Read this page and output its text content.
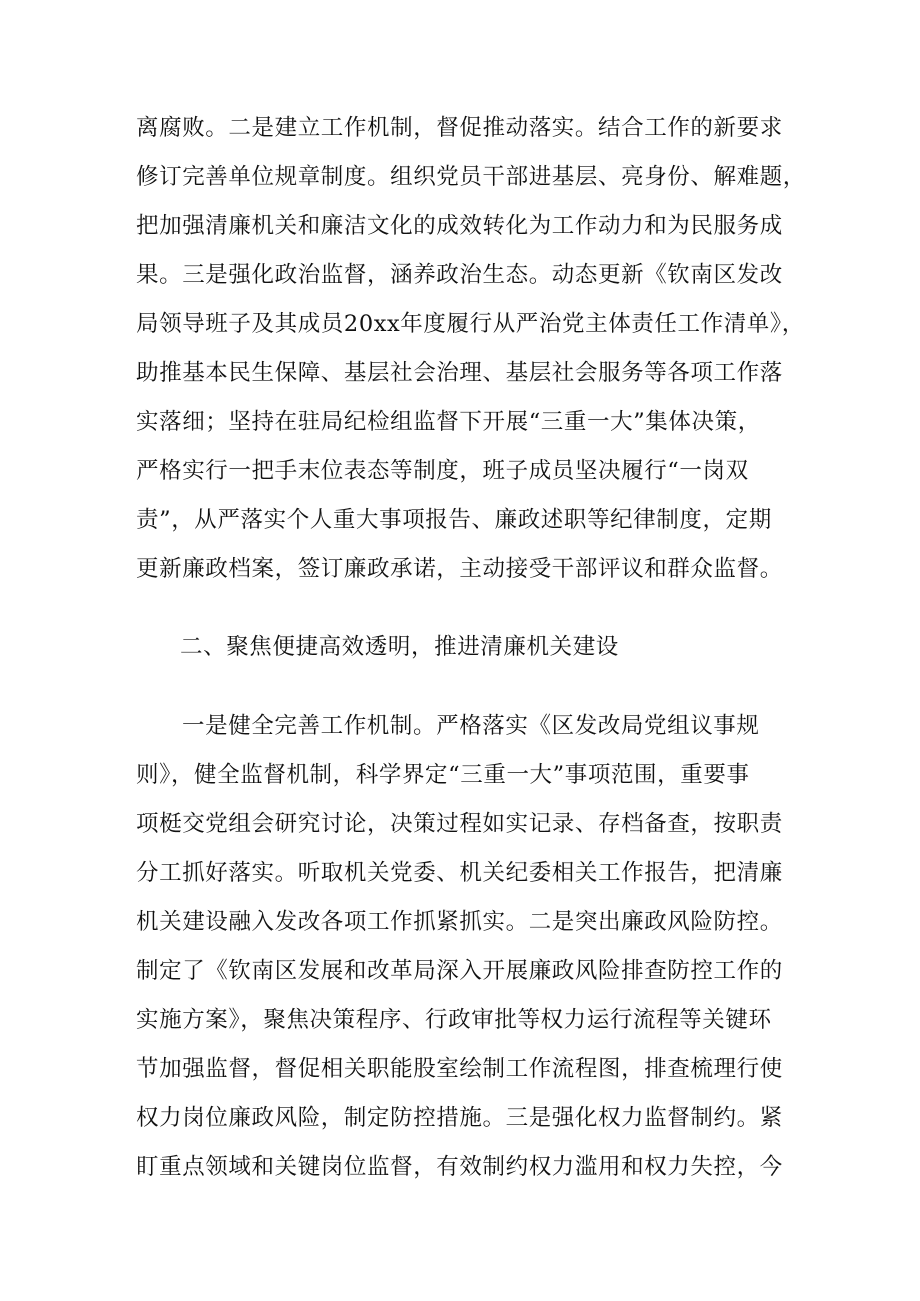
离腐败。二是建立工作机制，督促推动落实。结合工作的新要求
修订完善单位规章制度。组织党员干部进基层、亮身份、解难题，
把加强清廉机关和廉洁文化的成效转化为工作动力和为民服务成
果。三是强化政治监督，涵养政治生态。动态更新《钦南区发改
局领导班子及其成员20xx年度履行从严治党主体责任工作清单》，
助推基本民生保障、基层社会治理、基层社会服务等各项工作落
实落细；坚持在驻局纪检组监督下开展“三重一大”集体决策，
严格实行一把手末位表态等制度，班子成员坚决履行“一岗双
责”，从严落实个人重大事项报告、廉政述职等纪律制度，定期
更新廉政档案，签订廉政承诺，主动接受干部评议和群众监督。
二、聚焦便捷高效透明，推进清廉机关建设
一是健全完善工作机制。严格落实《区发改局党组议事规
则》，健全监督机制，科学界定“三重一大”事项范围，重要事
项梃交党组会研究讨论，决策过程如实记录、存档备查，按职责
分工抓好落实。听取机关党委、机关纪委相关工作报告，把清廉
机关建设融入发改各项工作抓紧抓实。二是突出廉政风险防控。
制定了《钦南区发展和改革局深入开展廉政风险排查防控工作的
实施方案》，聚焦决策程序、行政审批等权力运行流程等关键环
节加强监督，督促相关职能股室绘制工作流程图，排查梳理行使
权力岗位廉政风险，制定防控措施。三是强化权力监督制约。紧
盯重点领域和关键岗位监督，有效制约权力滥用和权力失控，今
